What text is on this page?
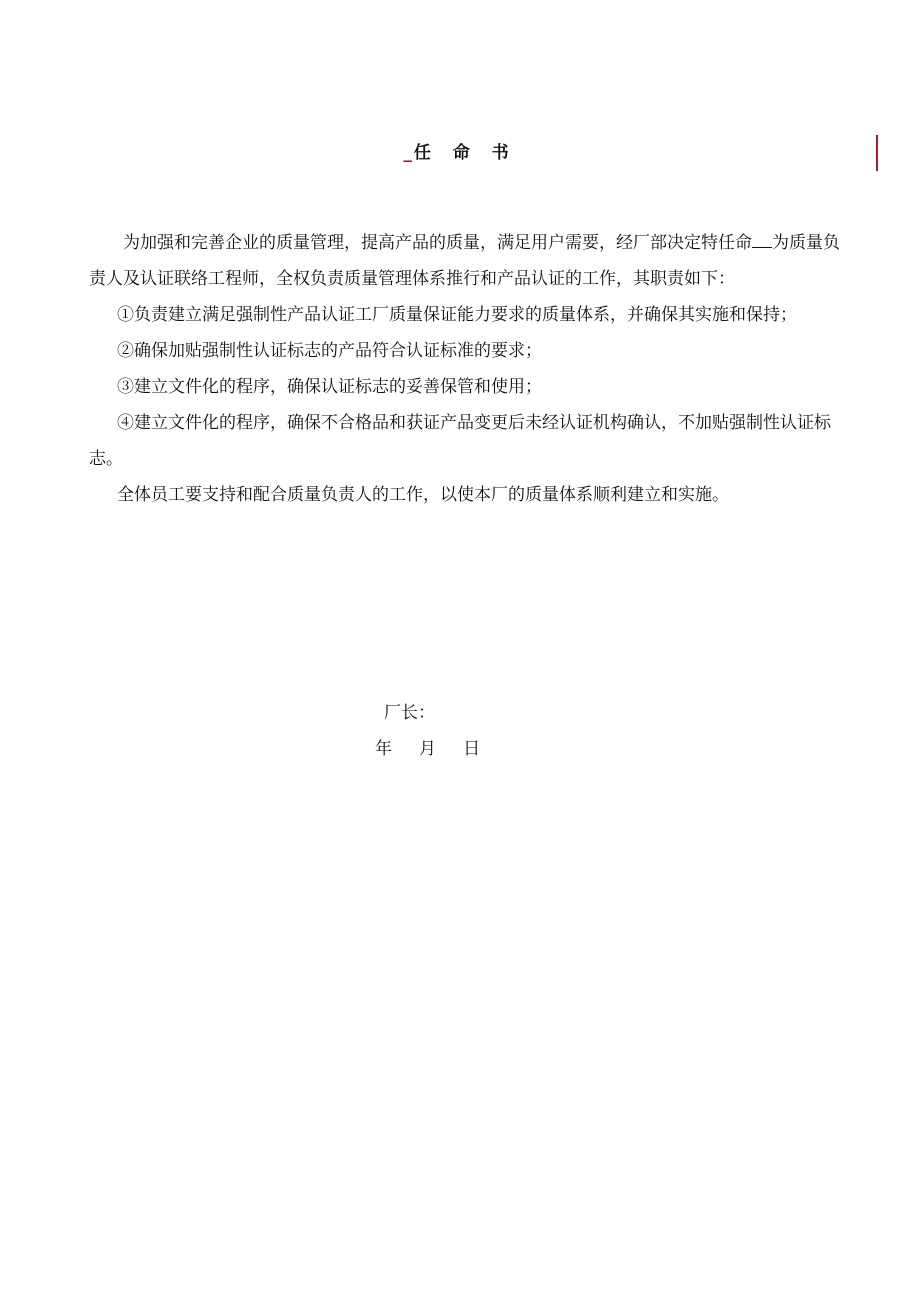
_ 任 命 书

为加强和完善企业的质量管理，提高产品的质量，满足用户需要，经厂部决定特任命 为质量负责人及认证联络工程师，全权负责质量管理体系推行和产品认证的工作，其职责如下：

①负责建立满足强制性产品认证工厂质量保证能力要求的质量体系，并确保其实施和保持；

②确保加贴强制性认证标志的产品符合认证标准的要求；

③建立文件化的程序，确保认证标志的妥善保管和使用；

④建立文件化的程序，确保不合格品和获证产品变更后未经认证机构确认，不加贴强制性认证标志。

全体员工要支持和配合质量负责人的工作，以使本厂的质量体系顺利建立和实施。

厂长：
年 月 日
